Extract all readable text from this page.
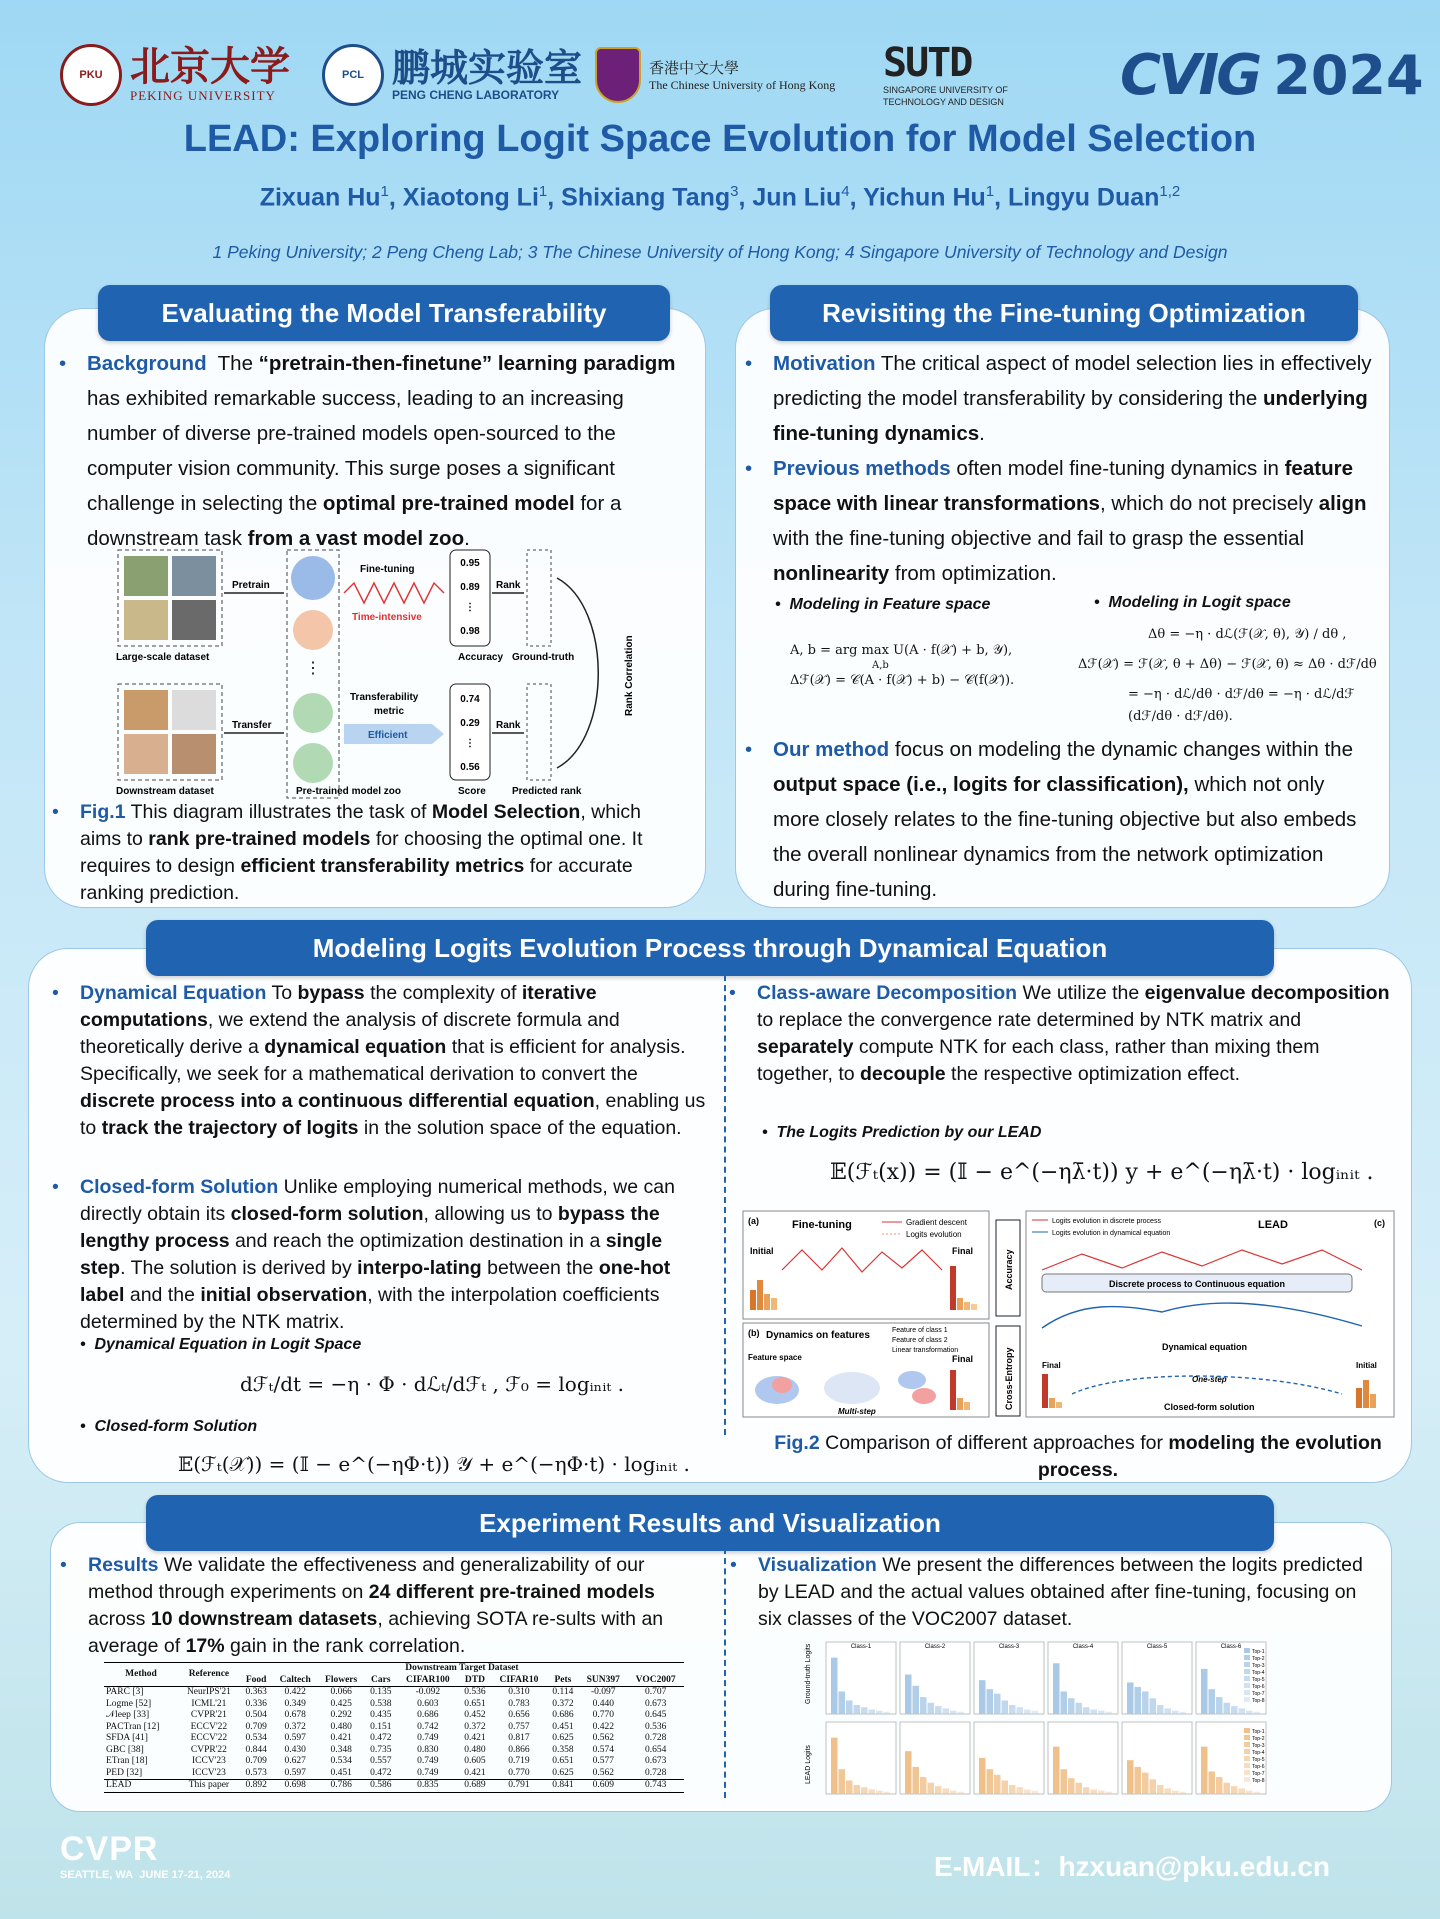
PKU 北京大学
PEKING UNIVERSITY
PCL 鹏城实验室
PENG CHENG LABORATORY
香港中文大學
The Chinese University of Hong Kong SUTD
SINGAPORE UNIVERSITY OF
TECHNOLOGY AND DESIGN CVIG 2024
LEAD: Exploring Logit Space Evolution for Model Selection
Zixuan Hu$^1$, Xiaotong Li$^1$, Shixiang Tang$^3$, Jun Liu$^4$, Yichun Hu$^1$, Lingyu Duan$^{1,2}$
1 Peking University; 2 Peng Cheng Lab; 3 The Chinese University of Hong Kong; 4 Singapore University of Technology and Design
Evaluating the Model Transferability
• Background The “pretrain-then-finetune” learning paradigm has exhibited remarkable success, leading to an increasing number of diverse pre-trained models open-sourced to the computer vision community. This surge poses a significant challenge in selecting the optimal pre-trained model for a downstream task from a vast model zoo.
Large-scale dataset
Pretrain
⋮
Fine-tuning
Time-intensive
0.95
0.89
⋮
0.98
Accuracy
Rank
Ground-truth	Rank Correlation
Downstream dataset
Transfer
Pre-trained model zoo
Transferability
metric
Efficient
0.74
0.29
⋮
0.56
Score
Rank
Predicted rank
• Fig.1 This diagram illustrates the task of Model Selection, which aims to rank pre-trained models for choosing the optimal one. It requires to design efficient transferability metrics for accurate ranking prediction.
Revisiting the Fine-tuning Optimization
• Motivation The critical aspect of model selection lies in effectively predicting the model transferability by considering the underlying fine-tuning dynamics.
• Previous methods often model fine-tuning dynamics in feature space with linear transformations, which do not precisely align with the fine-tuning objective and fail to grasp the essential nonlinearity from optimization.
•  Modeling in Feature space	•  Modeling in Logit space
A, b = arg max U(A · f(𝒳) + b, 𝒴),
A,b
Δℱ(𝒳) = 𝒞(A · f(𝒳) + b) − 𝒞(f(𝒳)).
Δθ = −η · dℒ(ℱ(𝒳, θ), 𝒴) / dθ ,
Δℱ(𝒳) = ℱ(𝒳, θ + Δθ) − ℱ(𝒳, θ) ≈ Δθ · dℱ/dθ
= −η · dℒ/dθ · dℱ/dθ = −η · dℒ/dℱ (dℱ/dθ · dℱ/dθ).
• Our method focus on modeling the dynamic changes within the output space (i.e., logits for classification), which not only more closely relates to the fine-tuning objective but also embeds the overall nonlinear dynamics from the network optimization during fine-tuning.
Modeling Logits Evolution Process through Dynamical Equation
• Dynamical Equation To bypass the complexity of iterative computations, we extend the analysis of discrete formula and theoretically derive a dynamical equation that is efficient for analysis. Specifically, we seek for a mathematical derivation to convert the discrete process into a continuous differential equation, enabling us to track the trajectory of logits in the solution space of the equation.
• Closed-form Solution Unlike employing numerical methods, we can directly obtain its closed-form solution, allowing us to bypass the lengthy process and reach the optimization destination in a single step. The solution is derived by interpo-lating between the one-hot label and the initial observation, with the interpolation coefficients determined by the NTK matrix.
•  Dynamical Equation in Logit Space
dℱₜ/dt = −η · Φ · dℒₜ/dℱₜ , ℱ₀ = logᵢₙᵢₜ .
•  Closed-form Solution
𝔼(ℱₜ(𝒳)) = (𝕀 − e^(−ηΦ·t)) 𝒴 + e^(−ηΦ·t) · logᵢₙᵢₜ .
• Class-aware Decomposition We utilize the eigenvalue decomposition to replace the convergence rate determined by NTK matrix and separately compute NTK for each class, rather than mixing them together, to decouple the respective optimization effect.
•  The Logits Prediction by our LEAD
𝔼(ℱₜ(x)) = (𝕀 − e^(−ηλ̄·t)) y + e^(−ηλ̄·t) · logᵢₙᵢₜ .
(a)	Fine-tuning	Gradient descent
Logits evolution
Initial	Final
(b) Dynamics on features	Feature of class 1
Feature of class 2
Linear transformation
Feature space
Multi-step
Final
Accuracy
Cross-Entropy
(c)
LEAD
Logits evolution in discrete process
Logits evolution in dynamical equation
Discrete process to Continuous equation
Dynamical equation
Final
One-step
Closed-form solution
Initial
Fig.2 Comparison of different approaches for modeling the evolution process.
Experiment Results and Visualization
• Results We validate the effectiveness and generalizability of our method through experiments on 24 different pre-trained models across 10 downstream datasets, achieving SOTA re-sults with an average of 17% gain in the rank correlation.
Method	Reference	Downstream Target Dataset									
		Food	Caltech	Flowers	Cars	CIFAR100	DTD	CIFAR10	Pets	SUN397	VOC2007
PARC [3]	NeurIPS'21	0.363	0.422	0.066	0.135	-0.092	0.536	0.310	0.114	-0.097	0.707
Logme [52]	ICML'21	0.336	0.349	0.425	0.538	0.603	0.651	0.783	0.372	0.440	0.673
𝒩leep [33]	CVPR'21	0.504	0.678	0.292	0.435	0.686	0.452	0.656	0.686	0.770	0.645
PACTran [12]	ECCV'22	0.709	0.372	0.480	0.151	0.742	0.372	0.757	0.451	0.422	0.536
SFDA [41]	ECCV'22	0.534	0.597	0.421	0.472	0.749	0.421	0.817	0.625	0.562	0.728
GBC [38]	CVPR'22	0.844	0.430	0.348	0.735	0.830	0.480	0.866	0.358	0.574	0.654
ETran [18]	ICCV'23	0.709	0.627	0.534	0.557	0.749	0.605	0.719	0.651	0.577	0.673
PED [32]	ICCV'23	0.573	0.597	0.451	0.472	0.749	0.421	0.770	0.625	0.562	0.728
LEAD	This paper	0.892	0.698	0.786	0.586	0.835	0.689	0.791	0.841	0.609	0.743
• Visualization We present the differences between the logits predicted by LEAD and the actual values obtained after fine-tuning, focusing on six classes of the VOC2007 dataset.
Ground-truth Logits
LEAD Logits
Class-1	Class-2	Class-3	Class-4	Class-5	Class-6
Top-1
Top-2
Top-3
Top-4
Top-5
Top-6
Top-7
Top-8
Top-1
Top-2
Top-3
Top-4
Top-5
Top-6
Top-7
Top-8
CVPR
SEATTLE, WA JUNE 17-21, 2024	E-MAIL：hzxuan@pku.edu.cn
